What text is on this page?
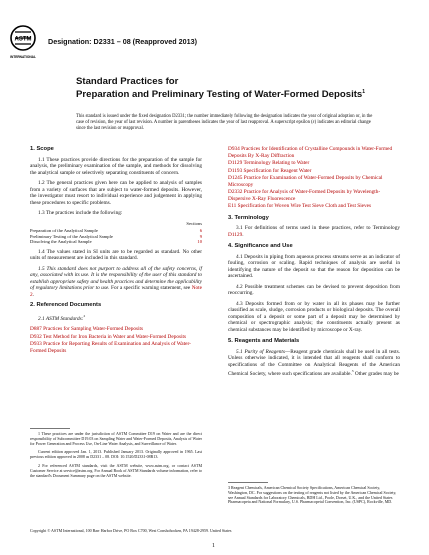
ASTM
INTERNATIONAL
Designation: D2331 – 08 (Reapproved 2013)
Standard Practices for
Preparation and Preliminary Testing of Water-Formed Deposits$^1$
This standard is issued under the fixed designation D2331; the number immediately following the designation indicates the year of original adoption or, in the case of revision, the year of last revision. A number in parentheses indicates the year of last reapproval. A superscript epsilon (ε) indicates an editorial change since the last revision or reapproval.
1. Scope

1.1 These practices provide directions for the preparation of the sample for analysis, the preliminary examination of the sample, and methods for dissolving the analytical sample or selectively separating constituents of concern.

1.2 The general practices given here can be applied to analysis of samples from a variety of surfaces that are subject to water-formed deposits. However, the investigator must resort to individual experience and judgement in applying these procedures to specific problems.

1.3 The practices include the following:

Sections
Preparation of the Analytical Sample	6
Preliminary Testing of the Analytical Sample	9
Dissolving the Analytical Sample	10

1.4 The values stated in SI units are to be regarded as standard. No other units of measurement are included in this standard.

1.5 This standard does not purport to address all of the safety concerns, if any, associated with its use. It is the responsibility of the user of this standard to establish appropriate safety and health practices and determine the applicability of regulatory limitations prior to use. For a specific warning statement, see Note 2.

2. Referenced Documents

2.1 ASTM Standards:$^2$

D887 Practices for Sampling Water-Formed Deposits
D932 Test Method for Iron Bacteria in Water and Water-Formed Deposits
D933 Practice for Reporting Results of Examination and Analysis of Water-Formed Deposits

1 These practices are under the jurisdiction of ASTM Committee D19 on Water and are the direct responsibility of Subcommittee D19.03 on Sampling Water and Water-Formed Deposits, Analysis of Water for Power Generation and Process Use, On-Line Water Analysis, and Surveillance of Water.

Current edition approved Jan. 1, 2013. Published January 2013. Originally approved in 1965. Last previous edition approved in 2008 as D2331 – 08. DOI: 10.1520/D2331-08R13.

2 For referenced ASTM standards, visit the ASTM website, www.astm.org, or contact ASTM Customer Service at service@astm.org. For Annual Book of ASTM Standards volume information, refer to the standard's Document Summary page on the ASTM website.

D934 Practices for Identification of Crystalline Compounds in Water-Formed Deposits By X-Ray Diffraction
D1129 Terminology Relating to Water
D1193 Specification for Reagent Water
D1245 Practice for Examination of Water-Formed Deposits by Chemical Microscopy
D2332 Practice for Analysis of Water-Formed Deposits by Wavelength-Dispersive X-Ray Fluorescence
E11 Specification for Woven Wire Test Sieve Cloth and Test Sieves
3. Terminology

3.1 For definitions of terms used in these practices, refer to Terminology D1129.

4. Significance and Use

4.1 Deposits in piping from aqueous process streams serve as an indicator of fouling, corrosion or scaling. Rapid techniques of analysis are useful in identifying the nature of the deposit so that the reason for deposition can be ascertained.

4.2 Possible treatment schemes can be devised to prevent deposition from reoccurring.

4.3 Deposits formed from or by water in all its phases may be further classified as scale, sludge, corrosion products or biological deposits. The overall composition of a deposit or some part of a deposit may be determined by chemical or spectrographic analysis; the constituents actually present as chemical substances may be identified by microscope or X-ray.

5. Reagents and Materials

5.1 Purity of Reagents—Reagent grade chemicals shall be used in all tests. Unless otherwise indicated, it is intended that all reagents shall conform to specifications of the Committee on Analytical Reagents of the American Chemical Society, where such specifications are available.$^3$ Other grades may be

3 Reagent Chemicals, American Chemical Society Specifications, American Chemical Society, Washington, DC. For suggestions on the testing of reagents not listed by the American Chemical Society, see Annual Standards for Laboratory Chemicals, BDH Ltd., Poole, Dorset, U.K., and the United States Pharmacopeia and National Formulary, U.S. Pharmacopeial Convention, Inc. (USPC), Rockville, MD.
Copyright © ASTM International, 100 Barr Harbor Drive, PO Box C700, West Conshohocken, PA 19428-2959. United States
1
